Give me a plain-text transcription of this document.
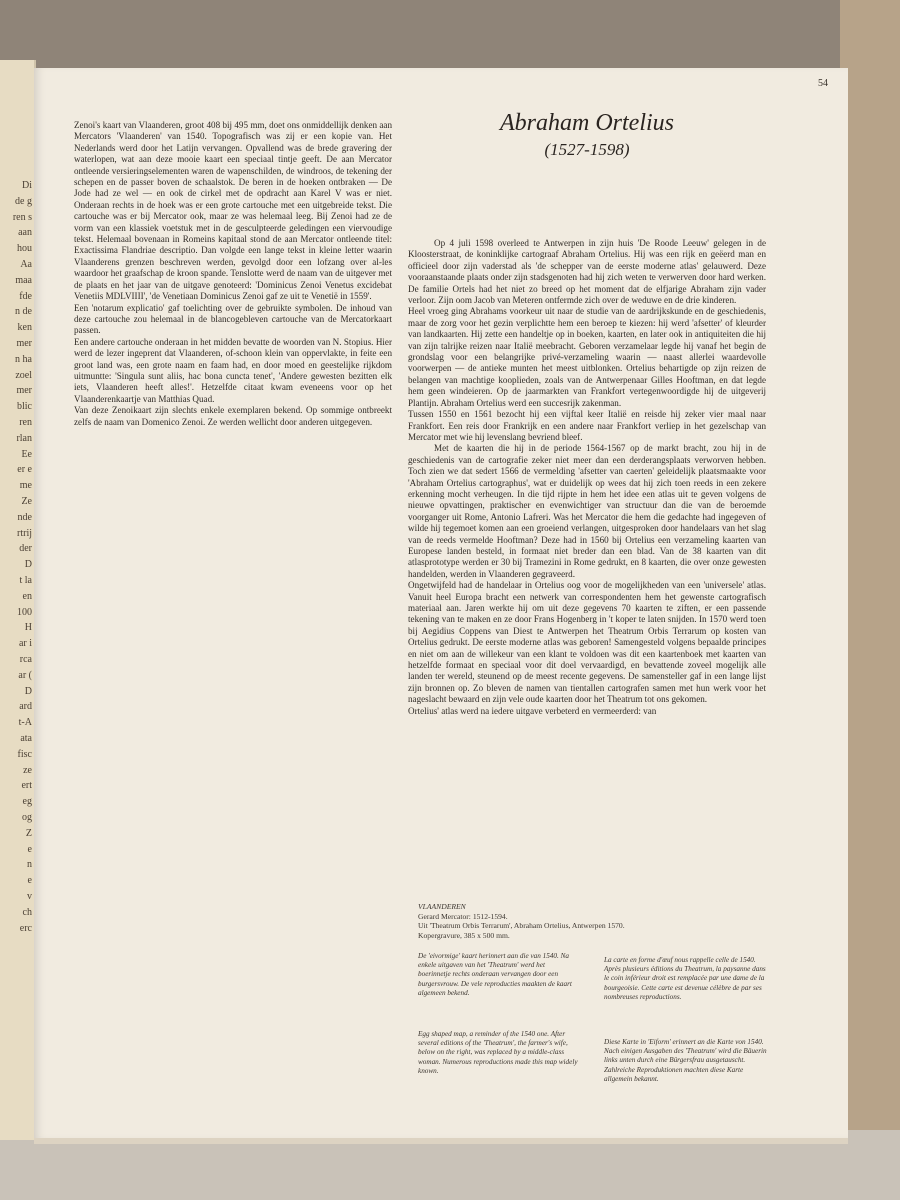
Di
de g
ren s
aan
hou
Aa
maa
fde
n de
ken
mer
n ha
zoel
mer
blic
ren
rlan
Ee
er e
me
Ze
nde
rtrij
der
D
t la
en
100
H
ar i
rca
ar (
D
ard
t-A
ata
fisc
ze
ert
eg
og
Z
e
n
e
v
ch
erc
54

Zenoi's kaart van Vlaanderen, groot 408 bij 495 mm, doet ons onmiddellijk denken aan Mercators 'Vlaanderen' van 1540. Topografisch was zij er een kopie van. Het Nederlands werd door het Latijn vervangen. Opvallend was de brede gravering der waterlopen, wat aan deze mooie kaart een speciaal tintje geeft. De aan Mercator ontleende versieringselementen waren de wapenschilden, de windroos, de tekening der schepen en de passer boven de schaalstok. De beren in de hoeken ontbraken — De Jode had ze wel — en ook de cirkel met de opdracht aan Karel V was er niet. Onderaan rechts in de hoek was er een grote cartouche met een uitgebreide tekst. Die cartouche was er bij Mercator ook, maar ze was helemaal leeg. Bij Zenoi had ze de vorm van een klassiek voetstuk met in de gesculpteerde geledingen een viervoudige tekst. Helemaal bovenaan in Romeins kapitaal stond de aan Mercator ontleende titel: Exactissima Flandriae descriptio. Dan volgde een lange tekst in kleine letter waarin Vlaanderens grenzen beschreven werden, gevolgd door een lofzang over al-les waardoor het graafschap de kroon spande. Tenslotte werd de naam van de uitgever met de plaats en het jaar van de uitgave genoteerd: 'Dominicus Zenoi Venetus excidebat Venetiis MDLVIIII', 'de Venetiaan Dominicus Zenoi gaf ze uit te Venetië in 1559'.

Een 'notarum explicatio' gaf toelichting over de gebruikte symbolen. De inhoud van deze cartouche zou helemaal in de blancogebleven cartouche van de Mercatorkaart passen.

Een andere cartouche onderaan in het midden bevatte de woorden van N. Stopius. Hier werd de lezer ingeprent dat Vlaanderen, of-schoon klein van oppervlakte, in feite een groot land was, een grote naam en faam had, en door moed en geestelijke rijkdom uitmuntte: 'Singula sunt aliis, hac bona cuncta tenet', 'Andere gewesten bezitten elk iets, Vlaanderen heeft alles!'. Hetzelfde citaat kwam eveneens voor op het Vlaanderenkaartje van Matthias Quad.

Van deze Zenoikaart zijn slechts enkele exemplaren bekend. Op sommige ontbreekt zelfs de naam van Domenico Zenoi. Ze werden wellicht door anderen uitgegeven.

Abraham Ortelius
(1527-1598)

Op 4 juli 1598 overleed te Antwerpen in zijn huis 'De Roode Leeuw' gelegen in de Kloosterstraat, de koninklijke cartograaf Abraham Ortelius. Hij was een rijk en geëerd man en officieel door zijn vaderstad als 'de schepper van de eerste moderne atlas' gelauwerd. Deze vooraanstaande plaats onder zijn stadsgenoten had hij zich weten te verwerven door hard werken. De familie Ortels had het niet zo breed op het moment dat de elfjarige Abraham zijn vader verloor. Zijn oom Jacob van Meteren ontfermde zich over de weduwe en de drie kinderen.

Heel vroeg ging Abrahams voorkeur uit naar de studie van de aardrijkskunde en de geschiedenis, maar de zorg voor het gezin verplichtte hem een beroep te kiezen: hij werd 'afsetter' of kleurder van landkaarten. Hij zette een handeltje op in boeken, kaarten, en later ook in antiquiteiten die hij van zijn talrijke reizen naar Italië meebracht. Geboren verzamelaar legde hij vanaf het begin de grondslag voor een belangrijke privé-verzameling waarin — naast allerlei waardevolle voorwerpen — de antieke munten het meest uitblonken. Ortelius behartigde op zijn reizen de belangen van machtige kooplieden, zoals van de Antwerpenaar Gilles Hooftman, en dat legde hem geen windeieren. Op de jaarmarkten van Frankfort vertegenwoordigde hij de uitgeverij Plantijn. Abraham Ortelius werd een succesrijk zakenman.

Tussen 1550 en 1561 bezocht hij een vijftal keer Italië en reisde hij zeker vier maal naar Frankfort. Een reis door Frankrijk en een andere naar Frankfort verliep in het gezelschap van Mercator met wie hij levenslang bevriend bleef.

Met de kaarten die hij in de periode 1564-1567 op de markt bracht, zou hij in de geschiedenis van de cartografie zeker niet meer dan een derderangsplaats verworven hebben. Toch zien we dat sedert 1566 de vermelding 'afsetter van caerten' geleidelijk plaatsmaakte voor 'Abraham Ortelius cartographus', wat er duidelijk op wees dat hij zich toen reeds in een zekere erkenning mocht verheugen. In die tijd rijpte in hem het idee een atlas uit te geven volgens de nieuwe opvattingen, praktischer en evenwichtiger van structuur dan die van de beroemde voorganger uit Rome, Antonio Lafreri. Was het Mercator die hem die gedachte had ingegeven of wilde hij tegemoet komen aan een groeiend verlangen, uitgesproken door handelaars van het slag van de reeds vermelde Hooftman? Deze had in 1560 bij Ortelius een verzameling kaarten van Europese landen besteld, in formaat niet breder dan een blad. Van de 38 kaarten van dit atlasprototype werden er 30 bij Tramezini in Rome gedrukt, en 8 kaarten, die over onze gewesten handelden, werden in Vlaanderen gegraveerd.

Ongetwijfeld had de handelaar in Ortelius oog voor de mogelijkheden van een 'universele' atlas. Vanuit heel Europa bracht een netwerk van correspondenten hem het gewenste cartografisch materiaal aan. Jaren werkte hij om uit deze gegevens 70 kaarten te ziften, er een passende tekening van te maken en ze door Frans Hogenberg in 't koper te laten snijden. In 1570 werd toen bij Aegidius Coppens van Diest te Antwerpen het Theatrum Orbis Terrarum op kosten van Ortelius gedrukt. De eerste moderne atlas was geboren! Samengesteld volgens bepaalde principes en niet om aan de willekeur van een klant te voldoen was dit een kaartenboek met kaarten van hetzelfde formaat en speciaal voor dit doel vervaardigd, en bevattende zoveel mogelijk alle landen ter wereld, steunend op de meest recente gegevens. De samensteller gaf in een lange lijst zijn bronnen op. Zo bleven de namen van tientallen cartografen samen met hun werk voor het nageslacht bewaard en zijn vele oude kaarten door het Theatrum tot ons gekomen.

Ortelius' atlas werd na iedere uitgave verbeterd en vermeerderd: van

VLAANDEREN
Gerard Mercator: 1512-1594.
Uit 'Theatrum Orbis Terrarum', Abraham Ortelius, Antwerpen 1570.
Kopergravure, 385 x 500 mm.
De 'eivormige' kaart herinnert aan die van 1540. Na enkele uitgaven van het 'Theatrum' werd het boerinnetje rechts onderaan vervangen door een burgersvrouw. De vele reproducties maakten de kaart algemeen bekend.
La carte en forme d'œuf nous rappelle celle de 1540. Après plusieurs éditions du Theatrum, la paysanne dans le coin inférieur droit est remplacée par une dame de la bourgeoisie. Cette carte est devenue célèbre de par ses nombreuses reproductions.
Egg shaped map, a reminder of the 1540 one. After several editions of the 'Theatrum', the farmer's wife, below on the right, was replaced by a middle-class woman. Numerous reproductions made this map widely known.
Diese Karte in 'Eiform' erinnert an die Karte von 1540. Nach einigen Ausgaben des 'Theatrum' wird die Bäuerin links unten durch eine Bürgersfrau ausgetauscht. Zahlreiche Reproduktionen machten diese Karte allgemein bekannt.
